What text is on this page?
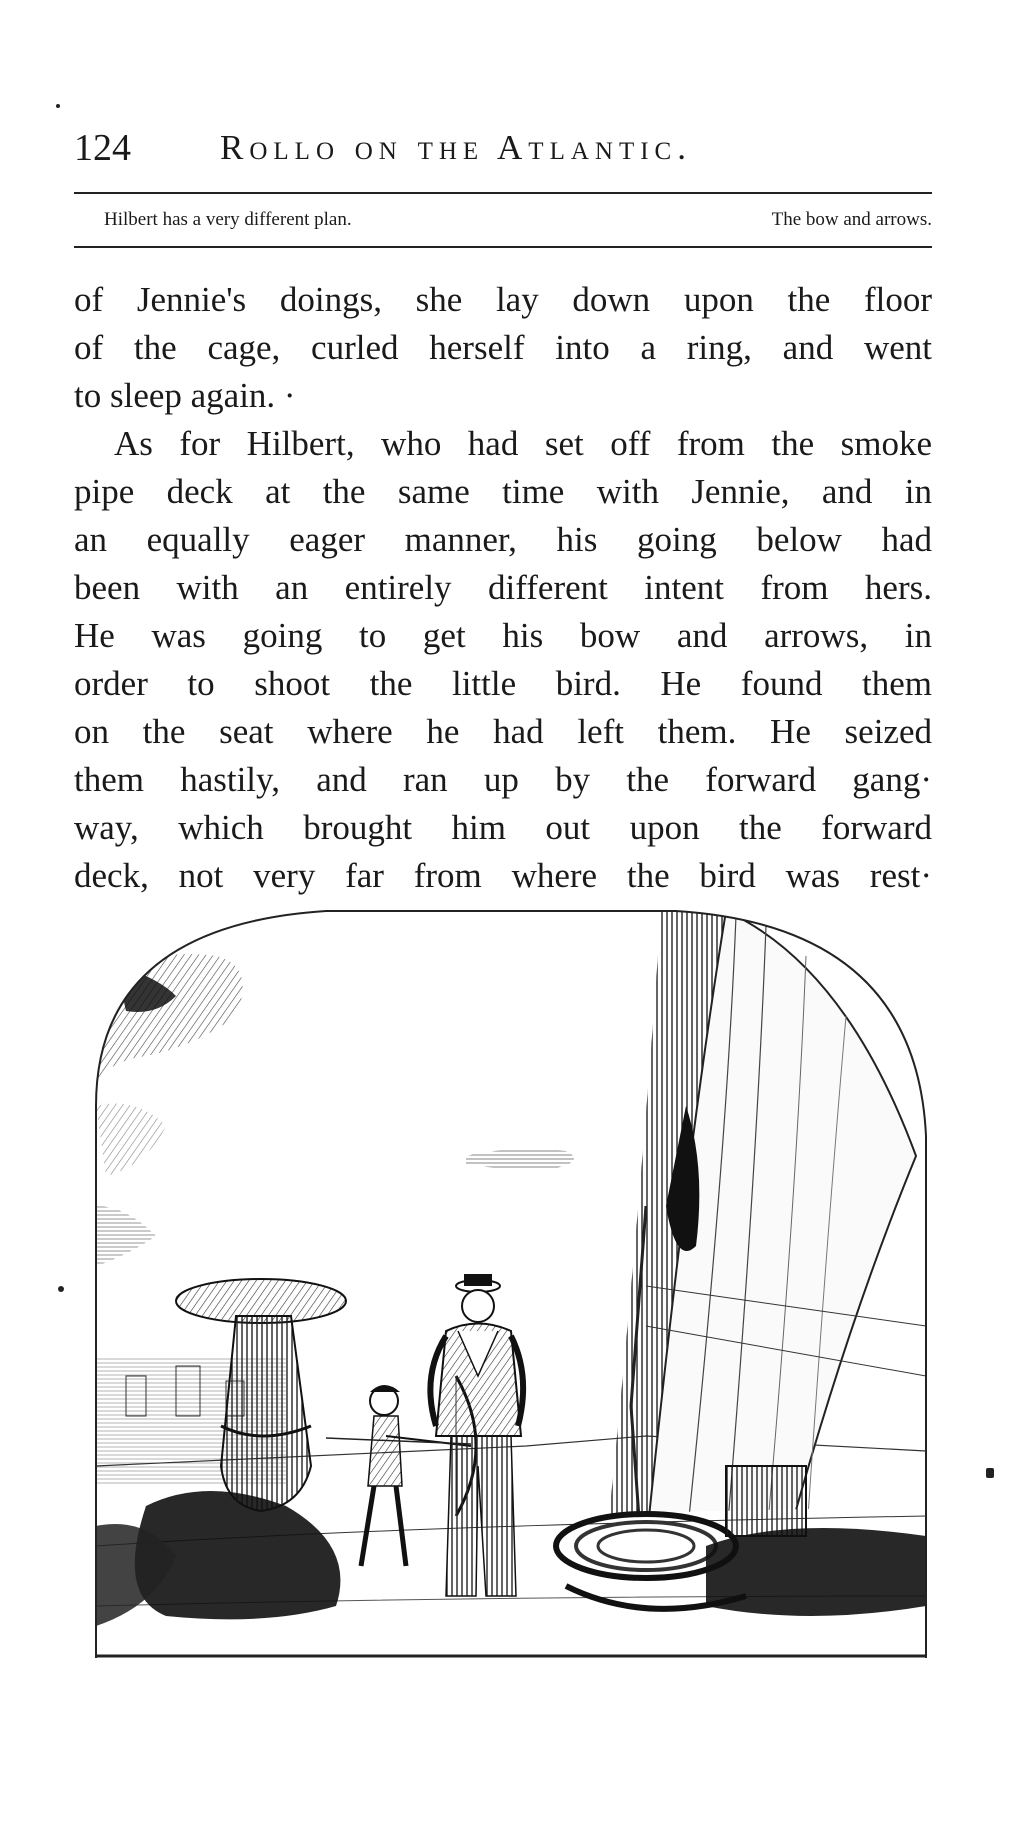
124	Rollo on the Atlantic.
Hilbert has a very different plan.	The bow and arrows.
of Jennie's doings, she lay down upon the floor
of the cage, curled herself into a ring, and went
to sleep again. ·
As for Hilbert, who had set off from the smoke
pipe deck at the same time with Jennie, and in
an equally eager manner, his going below had
been with an entirely different intent from hers.
He was going to get his bow and arrows, in
order to shoot the little bird. He found them
on the seat where he had left them. He seized
them hastily, and ran up by the forward gang·
way, which brought him out upon the forward
deck, not very far from where the bird was rest·
